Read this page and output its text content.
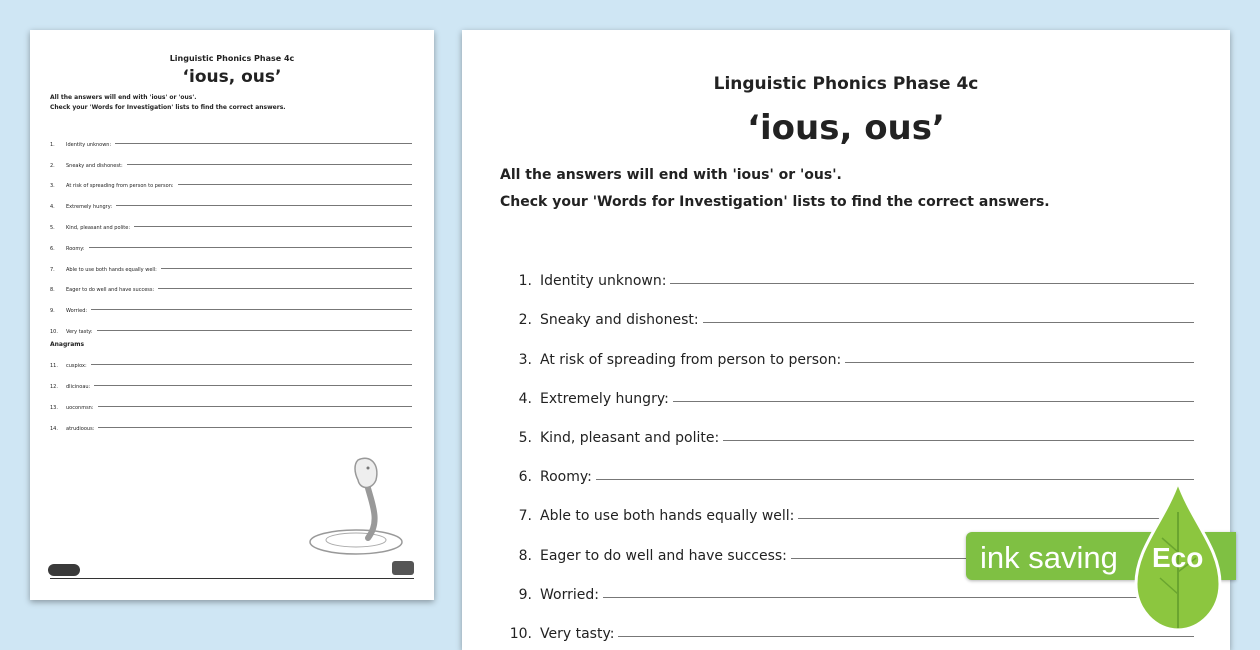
Linguistic Phonics Phase 4c
‘ious, ous’
All the answers will end with 'ious' or 'ous'.
Check your 'Words for Investigation' lists to find the correct answers.
1.	Identity unknown:
2.	Sneaky and dishonest:
3.	At risk of spreading from person to person:
4.	Extremely hungry:
5.	Kind, pleasant and polite:
6.	Roomy:
7.	Able to use both hands equally well:
8.	Eager to do well and have success:
9.	Worried:
10.	Very tasty:
Anagrams
11.	cuspiox:
12.	dlicinoau:
13.	uoconmsn:
14.	atrudioous:
Linguistic Phonics Phase 4c
‘ious, ous’
All the answers will end with 'ious' or 'ous'.
Check your 'Words for Investigation' lists to find the correct answers.
1. Identity unknown:
2. Sneaky and dishonest:
3. At risk of spreading from person to person:
4. Extremely hungry:
5. Kind, pleasant and polite:
6. Roomy:
7. Able to use both hands equally well:
8. Eager to do well and have success:
9. Worried:
10. Very tasty:
ink saving Eco
